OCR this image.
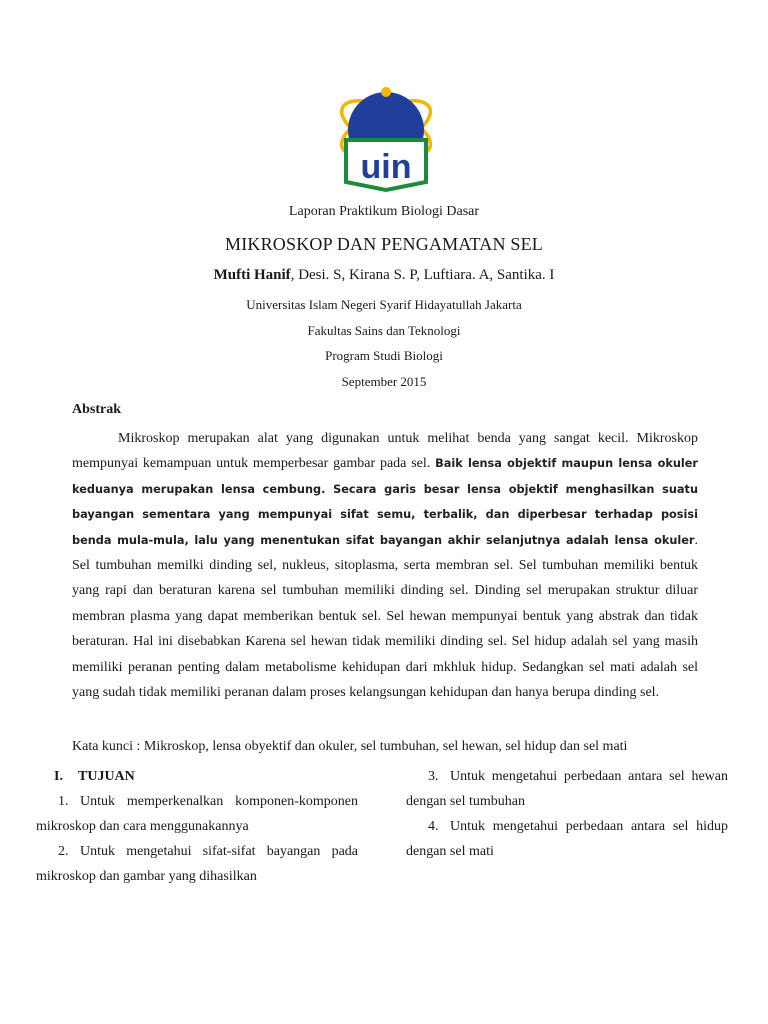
uin
Laporan Praktikum Biologi Dasar
MIKROSKOP DAN PENGAMATAN SEL
Mufti Hanif, Desi. S, Kirana S. P, Luftiara. A, Santika. I
Universitas Islam Negeri Syarif Hidayatullah Jakarta
Fakultas Sains dan Teknologi
Program Studi Biologi
September 2015
Abstrak
Mikroskop merupakan alat yang digunakan untuk melihat benda yang sangat kecil. Mikroskop mempunyai kemampuan untuk memperbesar gambar pada sel. Baik lensa objektif maupun lensa okuler keduanya merupakan lensa cembung. Secara garis besar lensa objektif menghasilkan suatu bayangan sementara yang mempunyai sifat semu, terbalik, dan diperbesar terhadap posisi benda mula-mula, lalu yang menentukan sifat bayangan akhir selanjutnya adalah lensa okuler. Sel tumbuhan memilki dinding sel, nukleus, sitoplasma, serta membran sel. Sel tumbuhan memiliki bentuk yang rapi dan beraturan karena sel tumbuhan memiliki dinding sel. Dinding sel merupakan struktur diluar membran plasma yang dapat memberikan bentuk sel. Sel hewan mempunyai bentuk yang abstrak dan tidak beraturan. Hal ini disebabkan Karena sel hewan tidak memiliki dinding sel. Sel hidup adalah sel yang masih memiliki peranan penting dalam metabolisme kehidupan dari mkhluk hidup. Sedangkan sel mati adalah sel yang sudah tidak memiliki peranan dalam proses kelangsungan kehidupan dan hanya berupa dinding sel.
Kata kunci : Mikroskop, lensa obyektif dan okuler, sel tumbuhan, sel hewan, sel hidup dan sel mati

I. TUJUAN

1. Untuk memperkenalkan komponen-komponen mikroskop dan cara menggunakannya

2. Untuk mengetahui sifat-sifat bayangan pada mikroskop dan gambar yang dihasilkan

3. Untuk mengetahui perbedaan antara sel hewan dengan sel tumbuhan

4. Untuk mengetahui perbedaan antara sel hidup dengan sel mati
